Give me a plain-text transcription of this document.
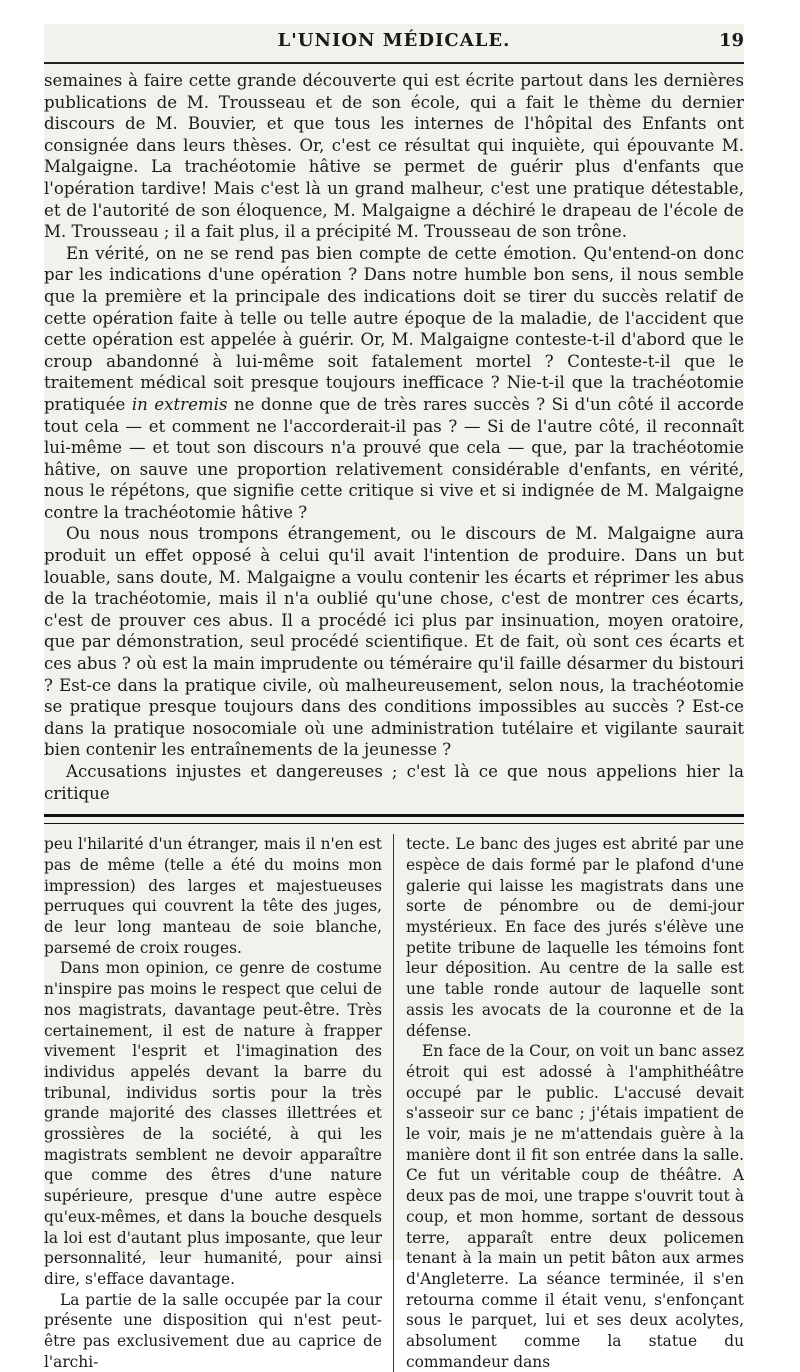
L'UNION MÉDICALE.	19

semaines à faire cette grande découverte qui est écrite partout dans les dernières publications de M. Trousseau et de son école, qui a fait le thème du dernier discours de M. Bouvier, et que tous les internes de l'hôpital des Enfants ont consignée dans leurs thèses. Or, c'est ce résultat qui inquiète, qui épouvante M. Malgaigne. La trachéotomie hâtive se permet de guérir plus d'enfants que l'opération tardive! Mais c'est là un grand malheur, c'est une pratique détestable, et de l'autorité de son éloquence, M. Malgaigne a déchiré le drapeau de l'école de M. Trousseau ; il a fait plus, il a précipité M. Trousseau de son trône.

En vérité, on ne se rend pas bien compte de cette émotion. Qu'entend-on donc par les indications d'une opération ? Dans notre humble bon sens, il nous semble que la première et la principale des indications doit se tirer du succès relatif de cette opération faite à telle ou telle autre époque de la maladie, de l'accident que cette opération est appelée à guérir. Or, M. Malgaigne conteste-t-il d'abord que le croup abandonné à lui-même soit fatalement mortel ? Conteste-t-il que le traitement médical soit presque toujours inefficace ? Nie-t-il que la trachéotomie pratiquée in extremis ne donne que de très rares succès ? Si d'un côté il accorde tout cela — et comment ne l'accorderait-il pas ? — Si de l'autre côté, il reconnaît lui-même — et tout son discours n'a prouvé que cela — que, par la trachéotomie hâtive, on sauve une proportion relativement considérable d'enfants, en vérité, nous le répétons, que signifie cette critique si vive et si indignée de M. Malgaigne contre la trachéotomie hâtive ?

Ou nous nous trompons étrangement, ou le discours de M. Malgaigne aura produit un effet opposé à celui qu'il avait l'intention de produire. Dans un but louable, sans doute, M. Malgaigne a voulu contenir les écarts et réprimer les abus de la trachéotomie, mais il n'a oublié qu'une chose, c'est de montrer ces écarts, c'est de prouver ces abus. Il a procédé ici plus par insinuation, moyen oratoire, que par démonstration, seul procédé scientifique. Et de fait, où sont ces écarts et ces abus ? où est la main imprudente ou téméraire qu'il faille désarmer du bistouri ? Est-ce dans la pratique civile, où malheureusement, selon nous, la trachéotomie se pratique presque toujours dans des conditions impossibles au succès ? Est-ce dans la pratique nosocomiale où une administration tutélaire et vigilante saurait bien contenir les entraînements de la jeunesse ?

Accusations injustes et dangereuses ; c'est là ce que nous appelions hier la critique

peu l'hilarité d'un étranger, mais il n'en est pas de même (telle a été du moins mon impression) des larges et majestueuses perruques qui couvrent la tête des juges, de leur long manteau de soie blanche, parsemé de croix rouges.

Dans mon opinion, ce genre de costume n'inspire pas moins le respect que celui de nos magistrats, davantage peut-être. Très certainement, il est de nature à frapper vivement l'esprit et l'imagination des individus appelés devant la barre du tribunal, individus sortis pour la très grande majorité des classes illettrées et grossières de la société, à qui les magistrats semblent ne devoir apparaître que comme des êtres d'une nature supérieure, presque d'une autre espèce qu'eux-mêmes, et dans la bouche desquels la loi est d'autant plus imposante, que leur personnalité, leur humanité, pour ainsi dire, s'efface davantage.

La partie de la salle occupée par la cour présente une disposition qui n'est peut-être pas exclusivement due au caprice de l'archi-

tecte. Le banc des juges est abrité par une espèce de dais formé par le plafond d'une galerie qui laisse les magistrats dans une sorte de pénombre ou de demi-jour mystérieux. En face des jurés s'élève une petite tribune de laquelle les témoins font leur déposition. Au centre de la salle est une table ronde autour de laquelle sont assis les avocats de la couronne et de la défense.

En face de la Cour, on voit un banc assez étroit qui est adossé à l'amphithéâtre occupé par le public. L'accusé devait s'asseoir sur ce banc ; j'étais impatient de le voir, mais je ne m'attendais guère à la manière dont il fit son entrée dans la salle. Ce fut un véritable coup de théâtre. A deux pas de moi, une trappe s'ouvrit tout à coup, et mon homme, sortant de dessous terre, apparaît entre deux policemen tenant à la main un petit bâton aux armes d'Angleterre. La séance terminée, il s'en retourna comme il était venu, s'enfonçant sous le parquet, lui et ses deux acolytes, absolument comme la statue du commandeur dans
